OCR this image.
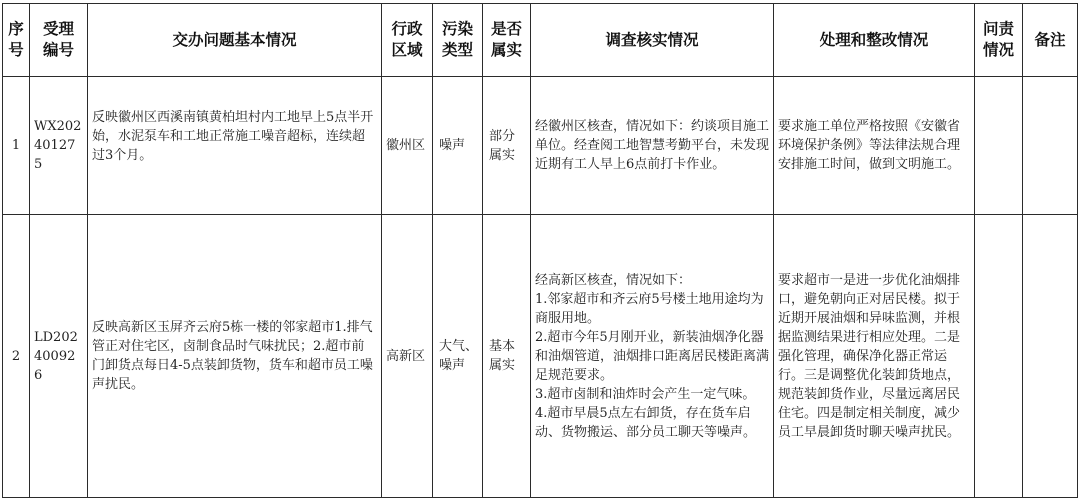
序号	受理编号	交办问题基本情况	行政区域	污染类型	是否属实	调查核实情况	处理和整改情况	问责情况	备注
1	WX20240127 5	反映徽州区西溪南镇黄柏坦村内工地早上5点半开始，水泥泵车和工地正常施工噪音超标，连续超过3个月。	徽州区	噪声	部分属实	经徽州区核查，情况如下：约谈项目施工单位。经查阅工地智慧考勤平台，未发现近期有工人早上6点前打卡作业。	要求施工单位严格按照《安徽省环境保护条例》等法律法规合理安排施工时间，做到文明施工。		
2	LD202400926	反映高新区玉屏齐云府5栋一楼的邻家超市1.排气管正对住宅区，卤制食品时气味扰民；2.超市前门卸货点每日4-5点装卸货物，货车和超市员工噪声扰民。	高新区	大气、噪声	基本属实	经高新区核查，情况如下：
1.邻家超市和齐云府5号楼土地用途均为商服用地。
2.超市今年5月刚开业，新装油烟净化器和油烟管道，油烟排口距离居民楼距离满足规范要求。
3.超市卤制和油炸时会产生一定气味。
4.超市早晨5点左右卸货，存在货车启动、货物搬运、部分员工聊天等噪声。	要求超市一是进一步优化油烟排口，避免朝向正对居民楼。拟于近期开展油烟和异味监测，并根据监测结果进行相应处理。二是强化管理，确保净化器正常运行。三是调整优化装卸货地点，规范装卸货作业，尽量远离居民住宅。四是制定相关制度，减少员工早晨卸货时聊天噪声扰民。		
